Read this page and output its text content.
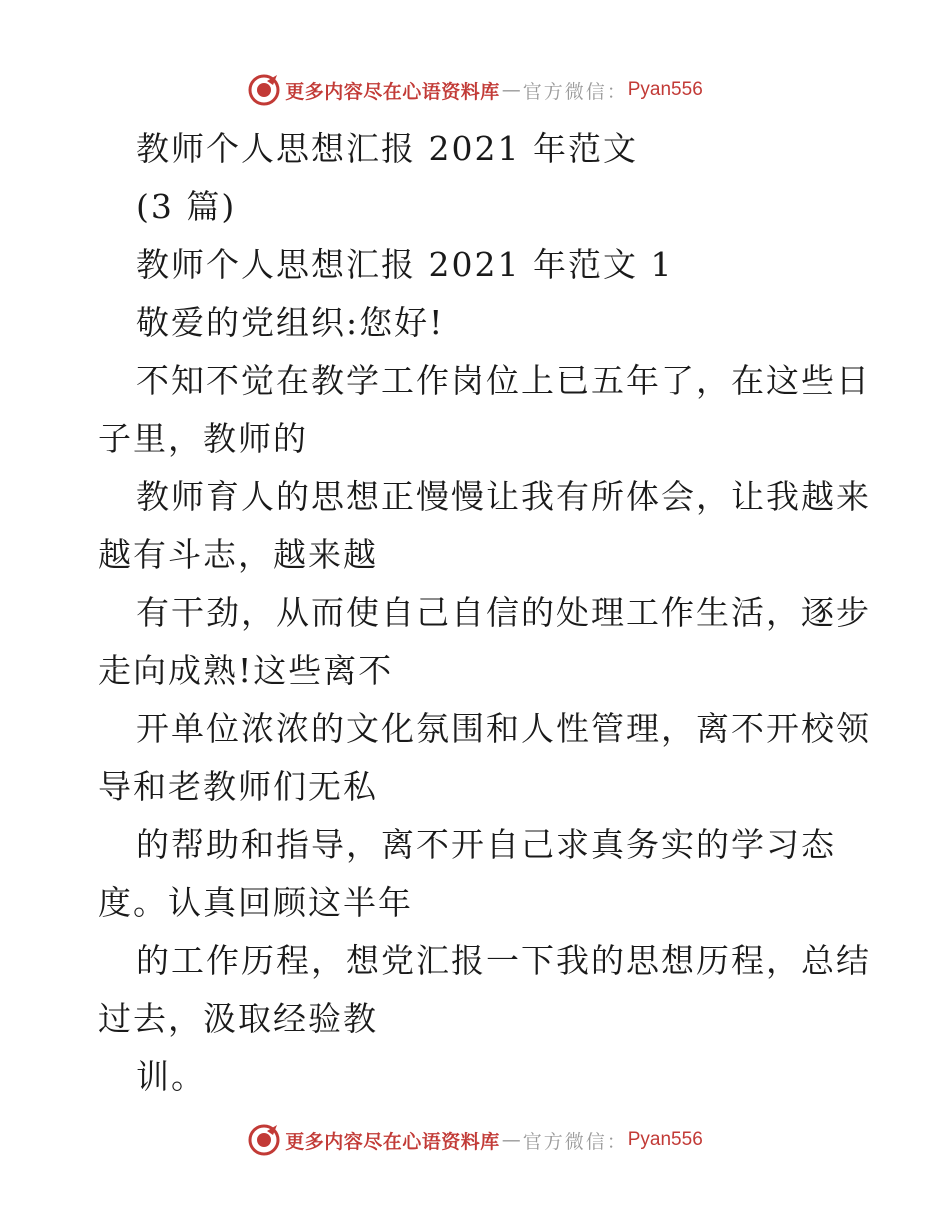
更多内容尽在心语资料库 — 官方微信： Pyan556
教师个人思想汇报 2021 年范文
(3 篇)
教师个人思想汇报 2021 年范文 1
敬爱的党组织:您好!
不知不觉在教学工作岗位上已五年了，在这些日
子里，教师的
教师育人的思想正慢慢让我有所体会，让我越来
越有斗志，越来越
有干劲，从而使自己自信的处理工作生活，逐步
走向成熟!这些离不
开单位浓浓的文化氛围和人性管理，离不开校领
导和老教师们无私
的帮助和指导，离不开自己求真务实的学习态
度。认真回顾这半年
的工作历程，想党汇报一下我的思想历程，总结
过去，汲取经验教
训。
更多内容尽在心语资料库 — 官方微信： Pyan556
